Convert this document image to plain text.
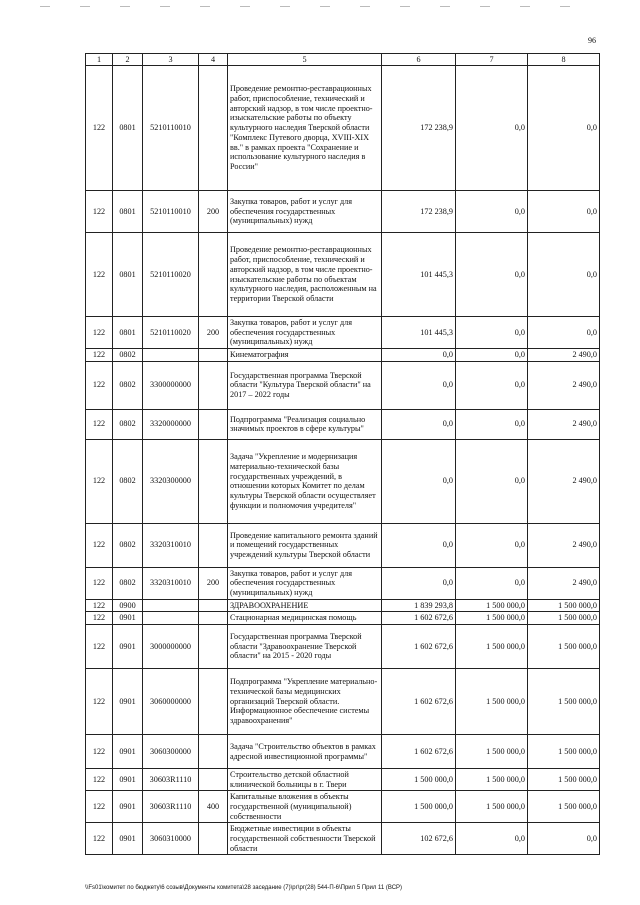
96
1	2	3	4	5	6	7	8
122	0801	5210110010		Проведение ремонтно-реставрационных работ, приспособление, технический и авторский надзор, в том числе проектно-изыскательские работы по объекту культурного наследия Тверской области "Комплекс Путевого дворца, XVIII-XIX вв." в рамках проекта "Сохранение и использование культурного наследия в России"	172 238,9	0,0	0,0
122	0801	5210110010	200	Закупка товаров, работ и услуг для обеспечения государственных (муниципальных) нужд	172 238,9	0,0	0,0
122	0801	5210110020		Проведение ремонтно-реставрационных работ, приспособление, технический и авторский надзор, в том числе проектно-изыскательские работы по объектам культурного наследия, расположенным на территории Тверской области	101 445,3	0,0	0,0
122	0801	5210110020	200	Закупка товаров, работ и услуг для обеспечения государственных (муниципальных) нужд	101 445,3	0,0	0,0
122	0802			Кинематография	0,0	0,0	2 490,0
122	0802	3300000000		Государственная программа Тверской области "Культура Тверской области" на 2017 – 2022 годы	0,0	0,0	2 490,0
122	0802	3320000000		Подпрограмма "Реализация социально значимых проектов в сфере культуры"	0,0	0,0	2 490,0
122	0802	3320300000		Задача "Укрепление и модернизация материально-технической базы государственных учреждений, в отношении которых Комитет по делам культуры Тверской области осуществляет функции и полномочия учредителя"	0,0	0,0	2 490,0
122	0802	3320310010		Проведение капитального ремонта зданий и помещений государственных учреждений культуры Тверской области	0,0	0,0	2 490,0
122	0802	3320310010	200	Закупка товаров, работ и услуг для обеспечения государственных (муниципальных) нужд	0,0	0,0	2 490,0
122	0900			ЗДРАВООХРАНЕНИЕ	1 839 293,8	1 500 000,0	1 500 000,0
122	0901			Стационарная медицинская помощь	1 602 672,6	1 500 000,0	1 500 000,0
122	0901	3000000000		Государственная программа Тверской области "Здравоохранение Тверской области" на 2015 - 2020 годы	1 602 672,6	1 500 000,0	1 500 000,0
122	0901	3060000000		Подпрограмма "Укрепление материально-технической базы медицинских организаций Тверской области. Информационное обеспечение системы здравоохранения"	1 602 672,6	1 500 000,0	1 500 000,0
122	0901	3060300000		Задача "Строительство объектов в рамках адресной инвестиционной программы"	1 602 672,6	1 500 000,0	1 500 000,0
122	0901	30603R1110		Строительство детской областной клинической больницы в г. Твери	1 500 000,0	1 500 000,0	1 500 000,0
122	0901	30603R1110	400	Капитальные вложения в объекты государственной (муниципальной) собственности	1 500 000,0	1 500 000,0	1 500 000,0
122	0901	3060310000		Бюджетные инвестиции в объекты государственной собственности Тверской области	102 672,6	0,0	0,0
\\Fs01\комитет по бюджету\6 созыв\Документы комитета\28 заседание (7)\рг\рг(28) 544-П-6\Прил 5 Прил 11 (ВСР)
